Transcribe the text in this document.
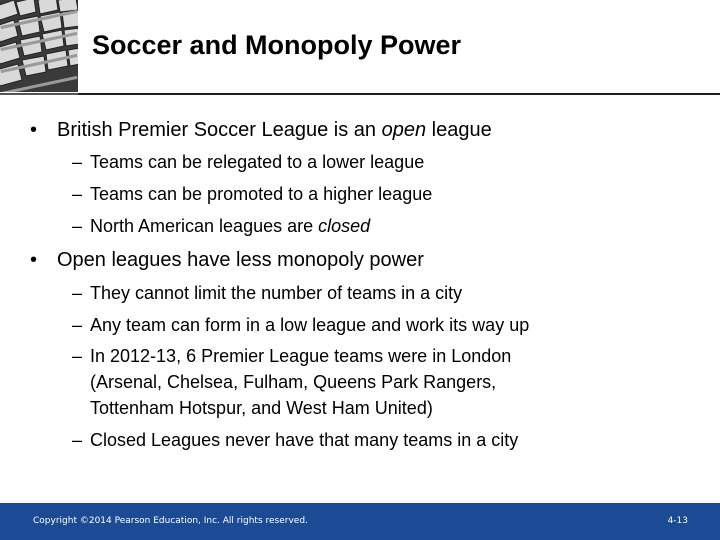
Soccer and Monopoly Power
• British Premier Soccer League is an open league
– Teams can be relegated to a lower league
– Teams can be promoted to a higher league
– North American leagues are closed
• Open leagues have less monopoly power
– They cannot limit the number of teams in a city
– Any team can form in a low league and work its way up
– In 2012-13, 6 Premier League teams were in London
(Arsenal, Chelsea, Fulham, Queens Park Rangers,
Tottenham Hotspur, and West Ham United)
– Closed Leagues never have that many teams in a city
Copyright ©2014 Pearson Education, Inc. All rights reserved.	4-13
